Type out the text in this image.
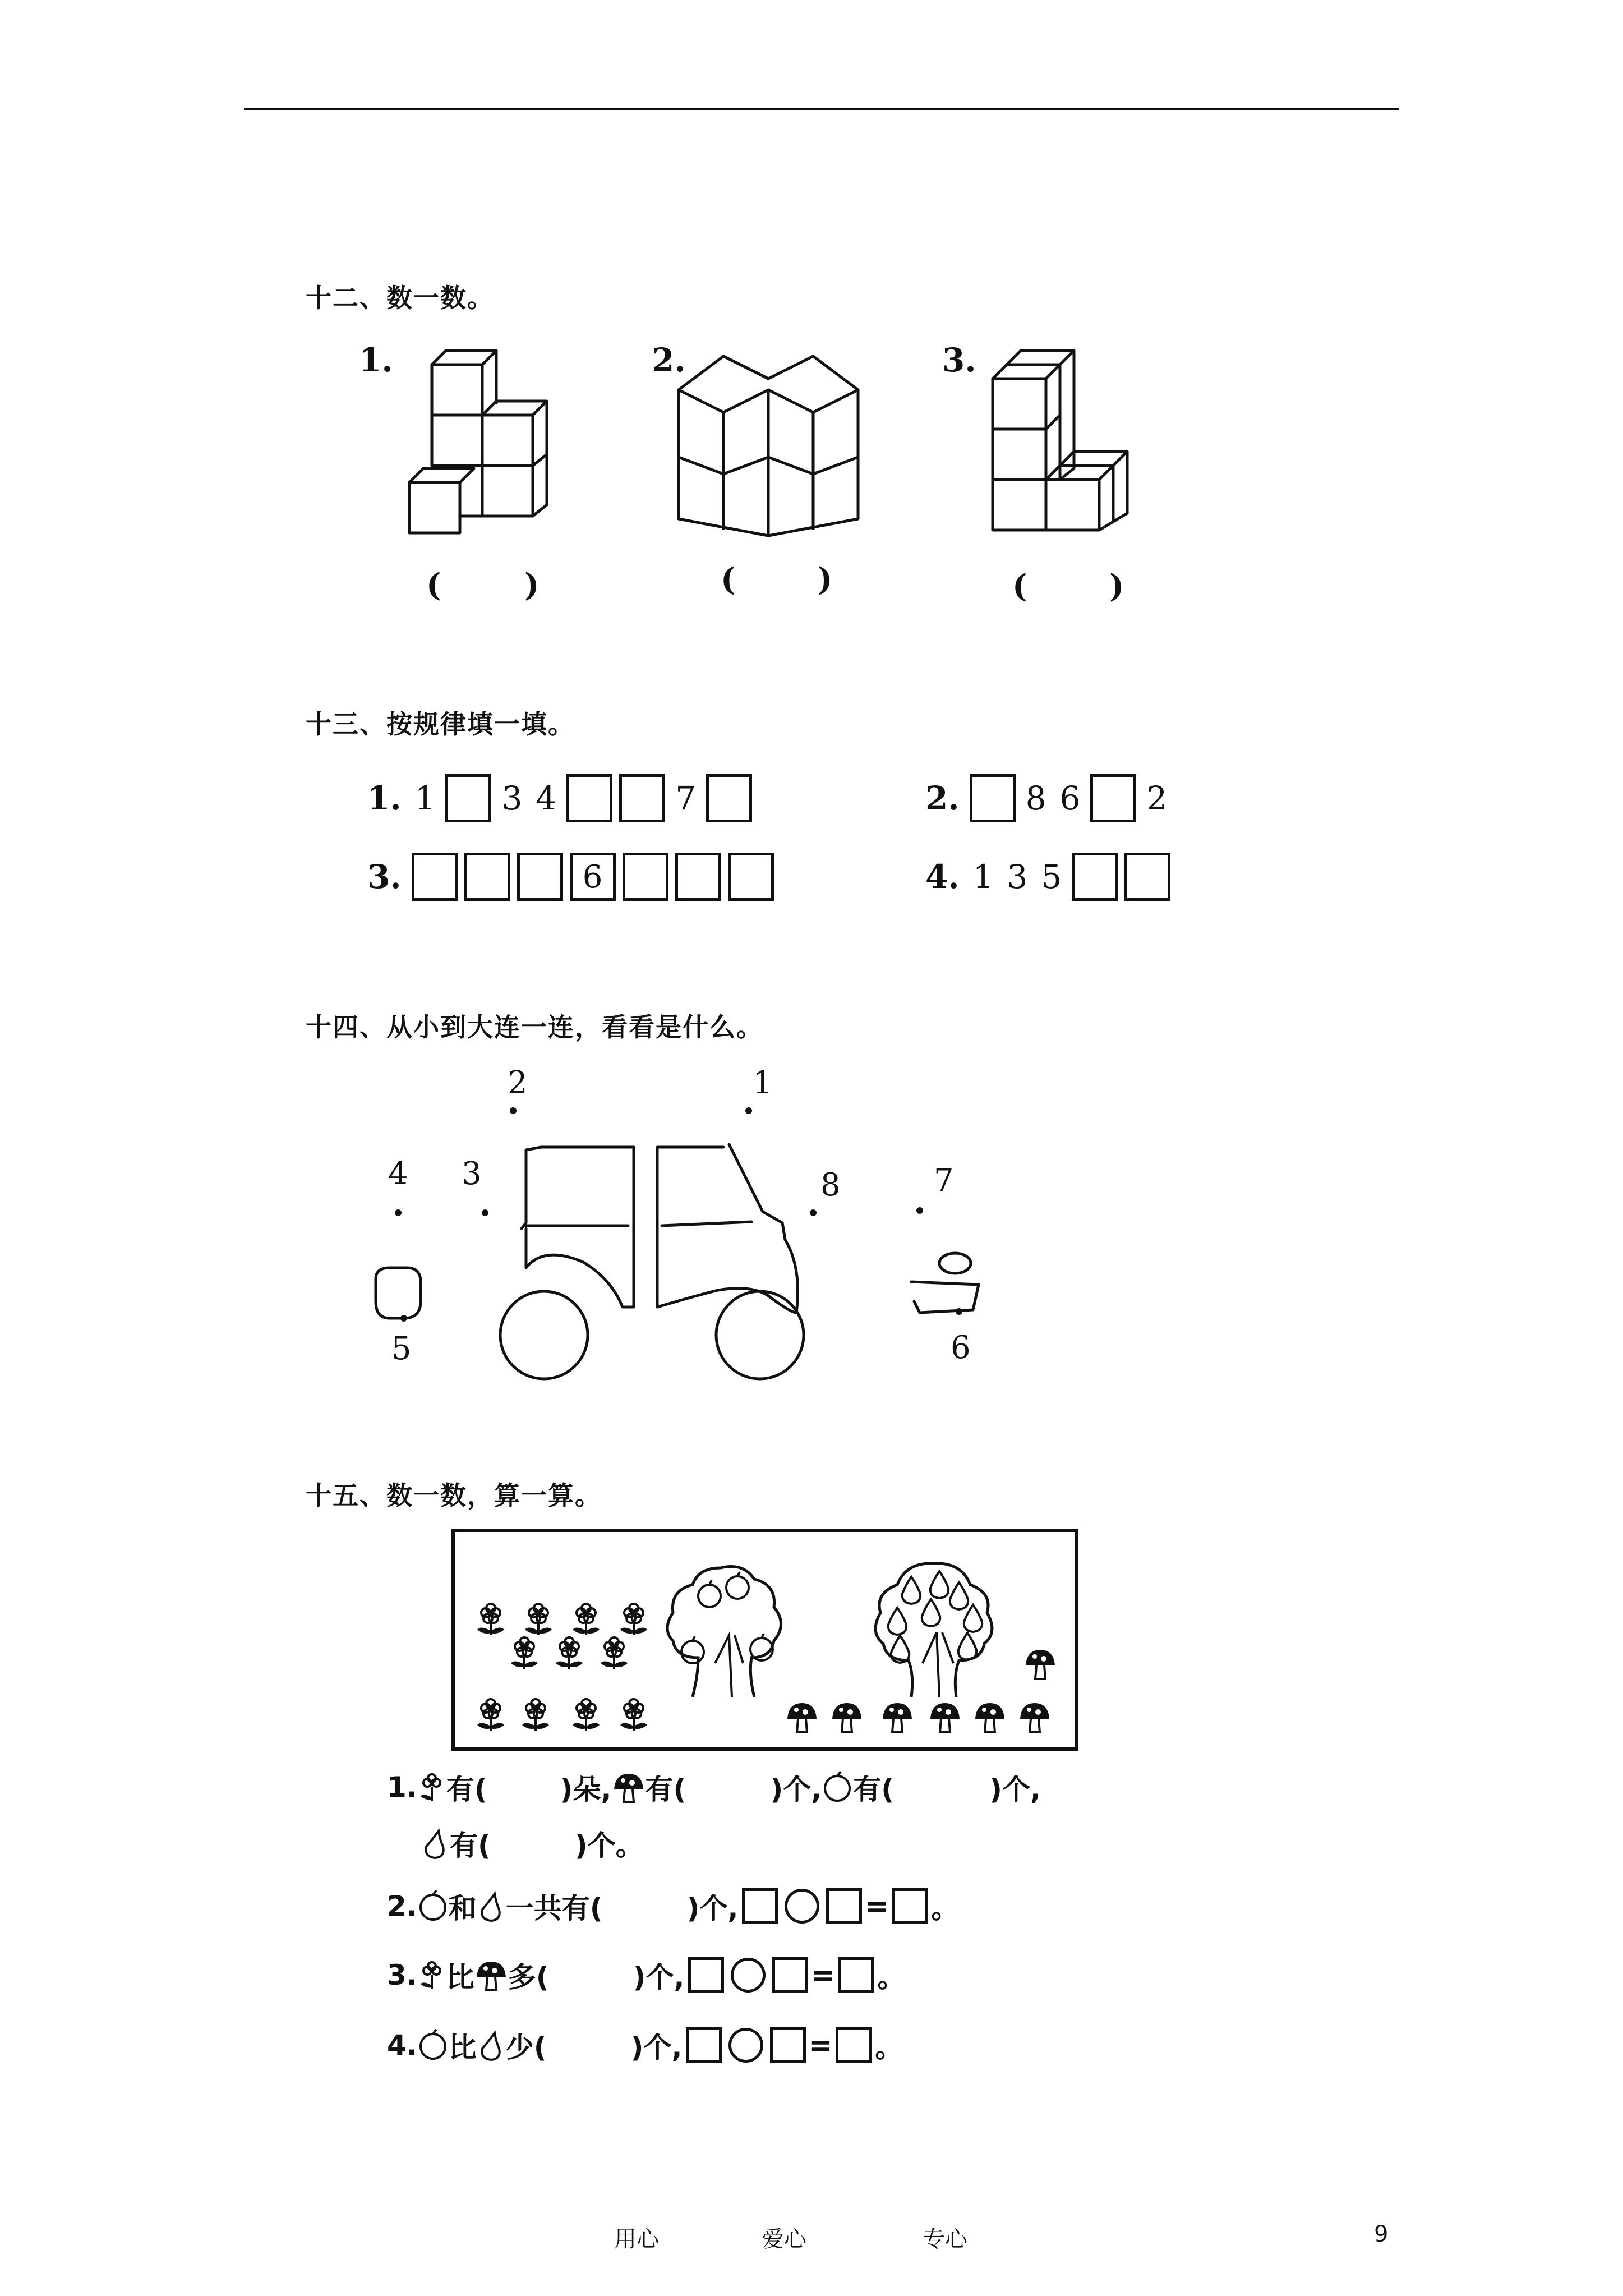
十二、数一数。
1.	2.	3.
(	)	(	)	(	)
十三、按规律填一填。
1. 1 3 4	7	2. 8 6 2
3.	6	4. 1 3 5
十四、从小到大连一连，看看是什么。
2	1
3
4
5	6
7
8
十五、数一数，算一算。
1. 有(	)朵, 有(	)个, 有(	)个,
有(	)个。
2. 和 一共有(	)个,	= 。
3. 比 多(	)个,	= 。
4. 比 少(	)个,	= 。
用心	爱心	专心	9
